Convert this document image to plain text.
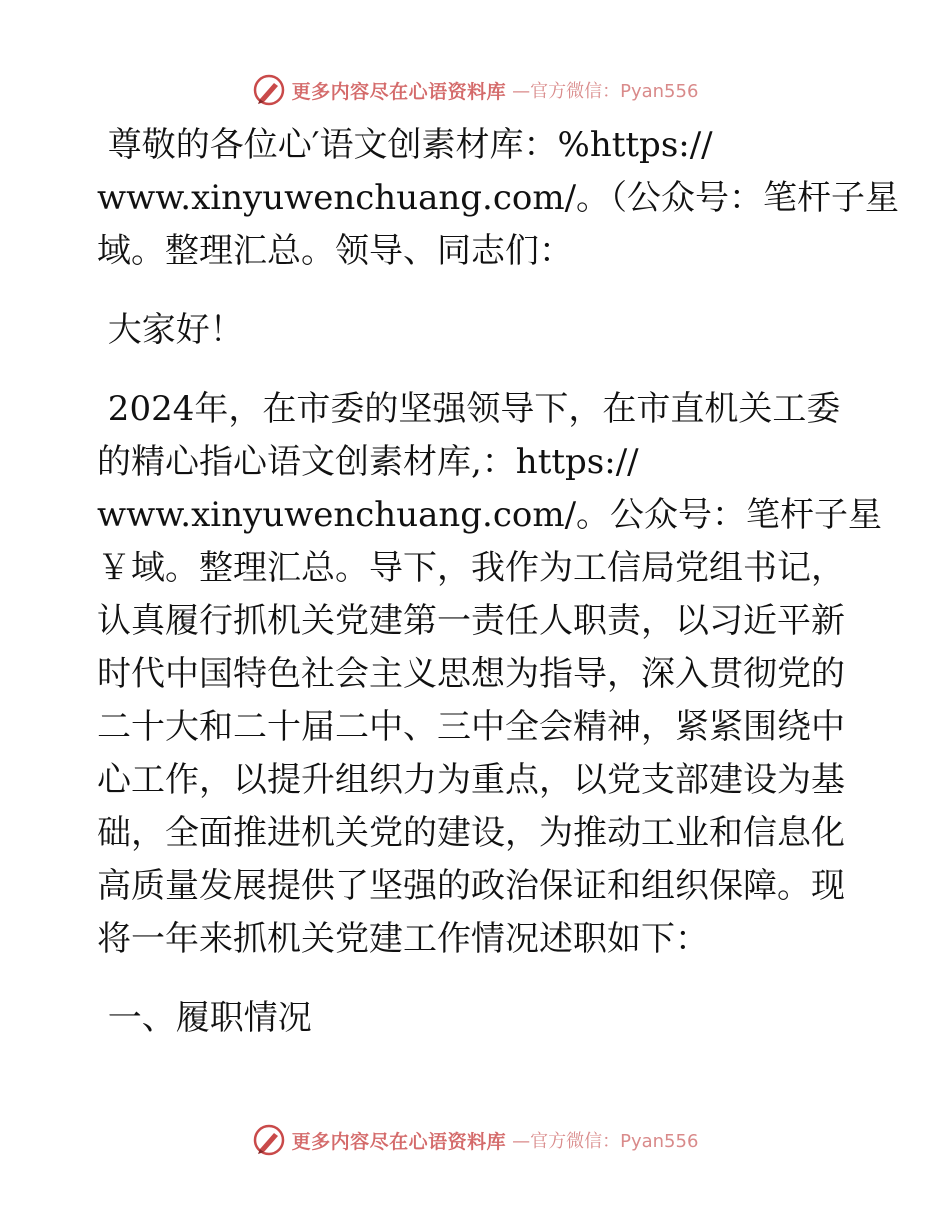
更多内容尽在心语资料库 —官方微信：Pyan556
尊敬的各位心′语文创素材库：%https://
www.xinyuwenchuang.com/。（公众号：笔杆子星
域。整理汇总。领导、同志们：
大家好！
2024年，在市委的坚强领导下，在市直机关工委
的精心指心语文创素材库,：https://
www.xinyuwenchuang.com/。公众号：笔杆子星
￥域。整理汇总。导下，我作为工信局党组书记，
认真履行抓机关党建第一责任人职责，以习近平新
时代中国特色社会主义思想为指导，深入贯彻党的
二十大和二十届二中、三中全会精神，紧紧围绕中
心工作，以提升组织力为重点，以党支部建设为基
础，全面推进机关党的建设，为推动工业和信息化
高质量发展提供了坚强的政治保证和组织保障。现
将一年来抓机关党建工作情况述职如下：
一、履职情况
更多内容尽在心语资料库 —官方微信：Pyan556
